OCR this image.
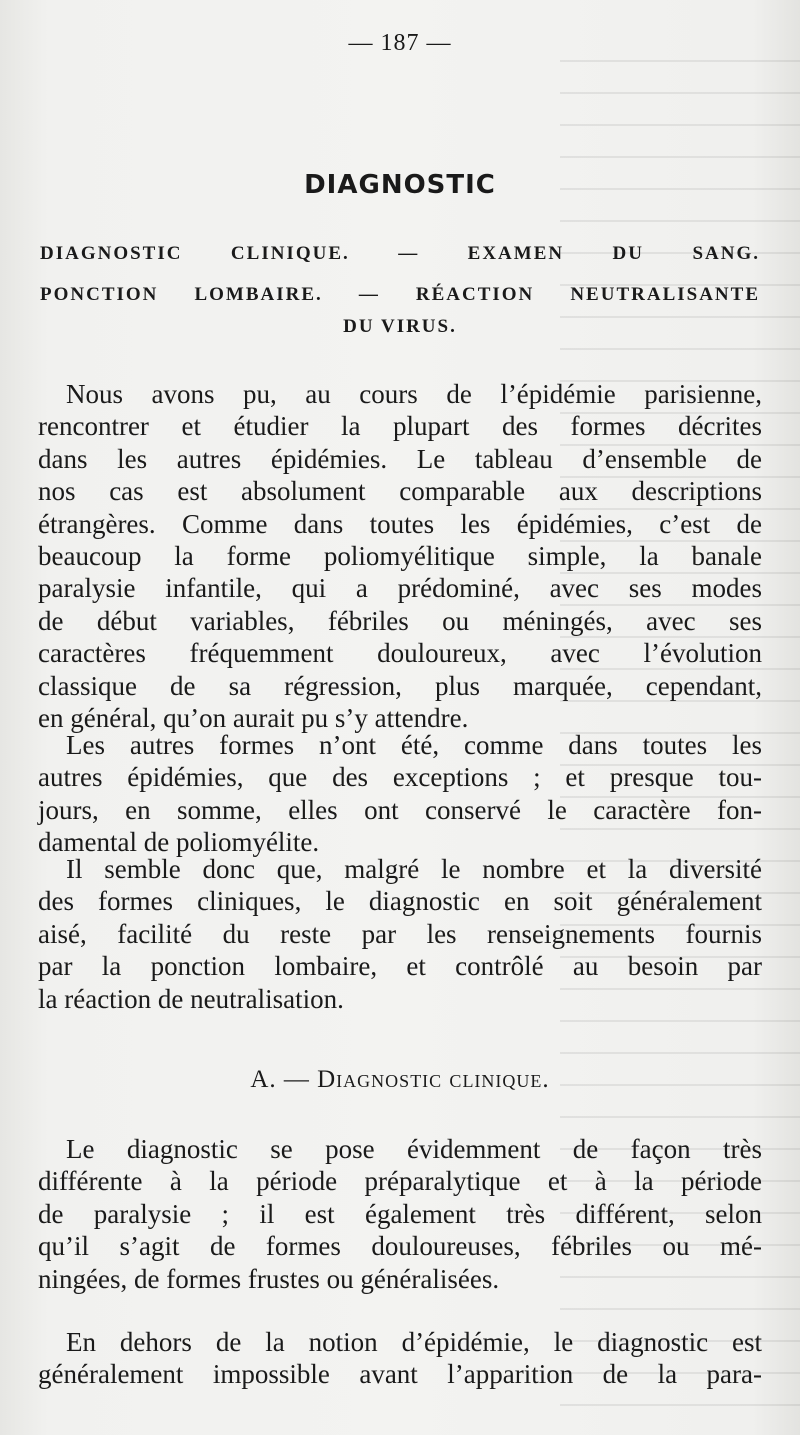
— 187 —
DIAGNOSTIC
DIAGNOSTIC CLINIQUE. — EXAMEN DU SANG.
PONCTION LOMBAIRE. — RÉACTION NEUTRALISANTE
DU VIRUS.
Nous avons pu, au cours de l’épidémie parisienne,
rencontrer et étudier la plupart des formes décrites
dans les autres épidémies. Le tableau d’ensemble de
nos cas est absolument comparable aux descriptions
étrangères. Comme dans toutes les épidémies, c’est de
beaucoup la forme poliomyélitique simple, la banale
paralysie infantile, qui a prédominé, avec ses modes
de début variables, fébriles ou méningés, avec ses
caractères fréquemment douloureux, avec l’évolution
classique de sa régression, plus marquée, cependant,
en général, qu’on aurait pu s’y attendre.
Les autres formes n’ont été, comme dans toutes les
autres épidémies, que des exceptions ; et presque tou-
jours, en somme, elles ont conservé le caractère fon-
damental de poliomyélite.
Il semble donc que, malgré le nombre et la diversité
des formes cliniques, le diagnostic en soit généralement
aisé, facilité du reste par les renseignements fournis
par la ponction lombaire, et contrôlé au besoin par
la réaction de neutralisation.
A. — Diagnostic clinique.
Le diagnostic se pose évidemment de façon très
différente à la période préparalytique et à la période
de paralysie ; il est également très différent, selon
qu’il s’agit de formes douloureuses, fébriles ou mé-
ningées, de formes frustes ou généralisées.
En dehors de la notion d’épidémie, le diagnostic est
généralement impossible avant l’apparition de la para-
